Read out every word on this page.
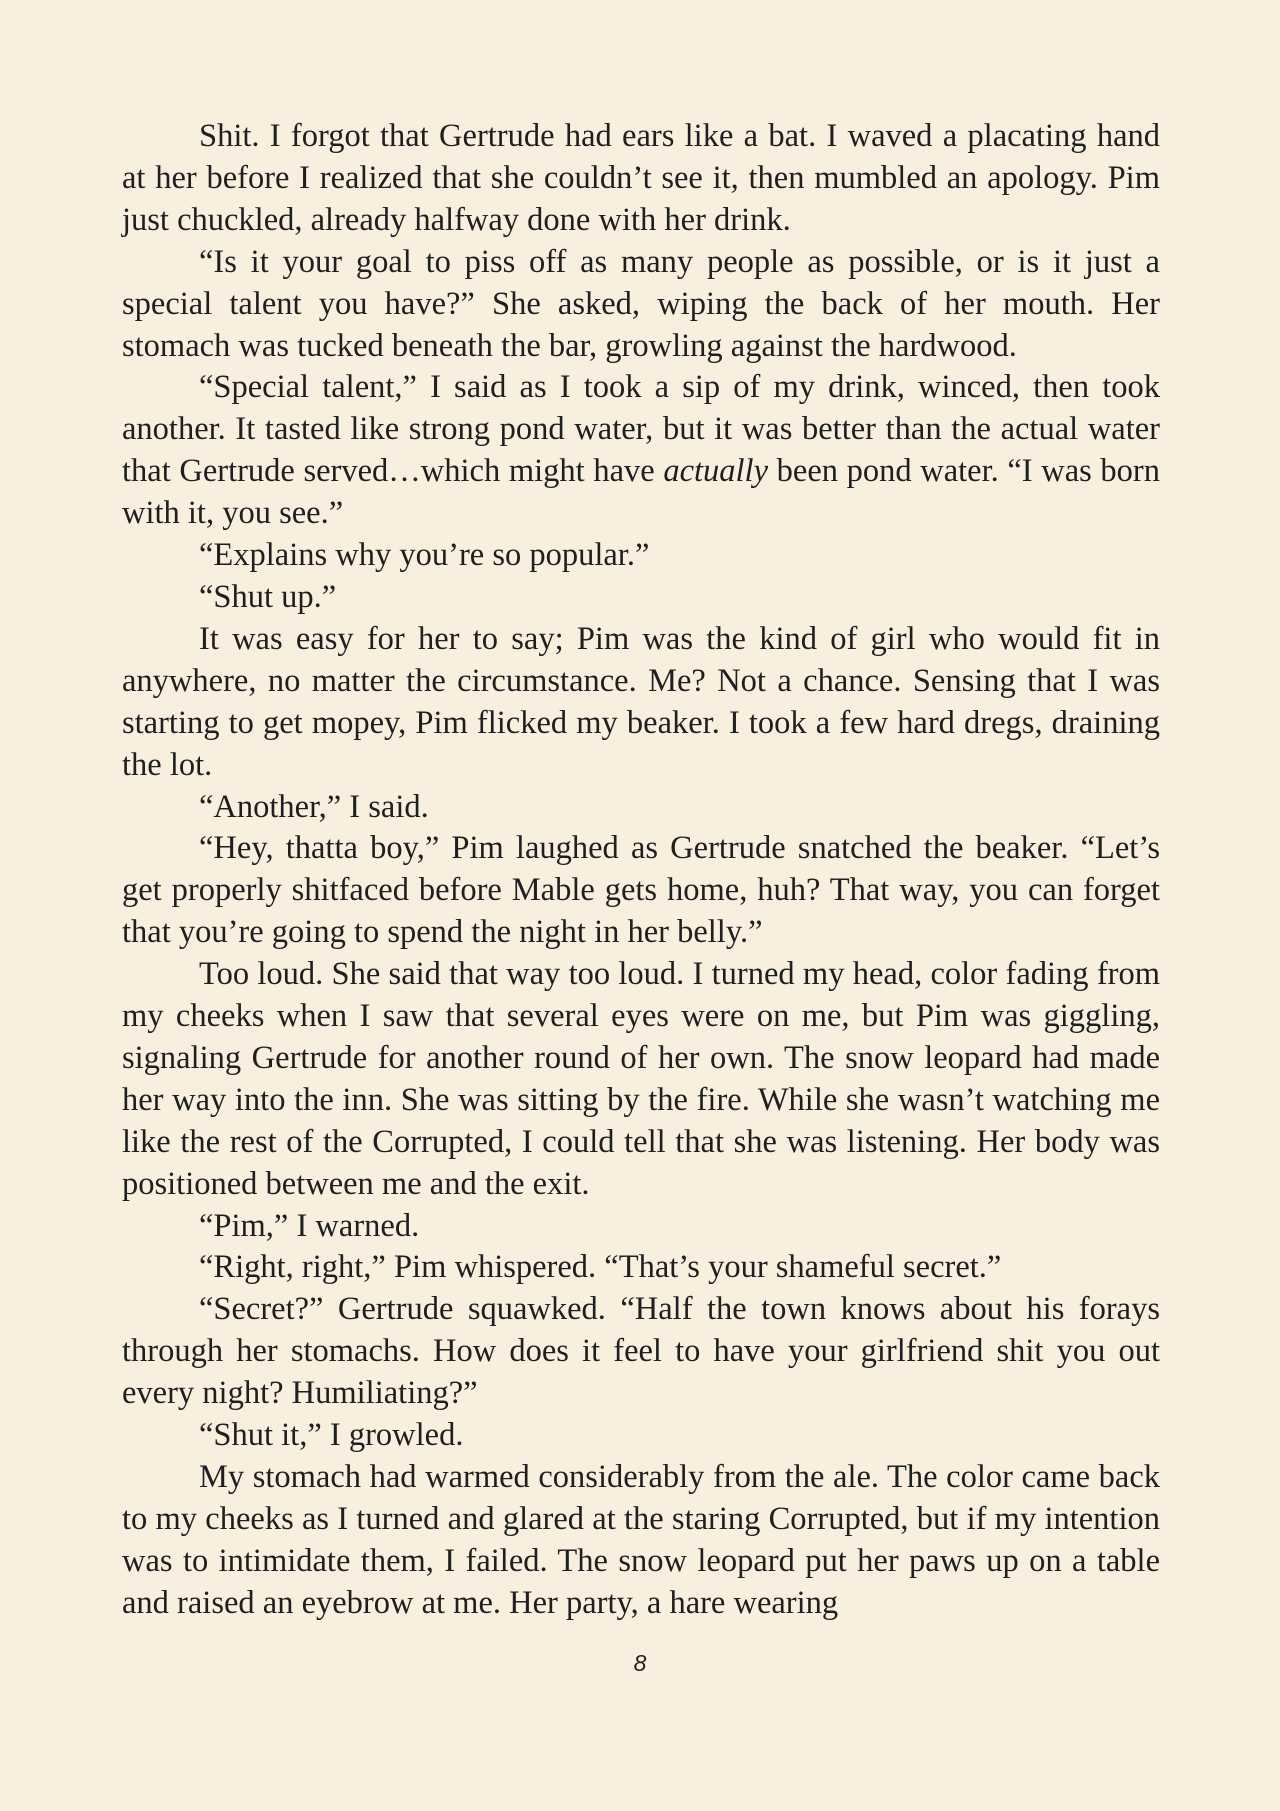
Shit. I forgot that Gertrude had ears like a bat. I waved a placating hand at her before I realized that she couldn’t see it, then mumbled an apology. Pim just chuckled, already halfway done with her drink.

“Is it your goal to piss off as many people as possible, or is it just a special talent you have?” She asked, wiping the back of her mouth. Her stomach was tucked beneath the bar, growling against the hardwood.

“Special talent,” I said as I took a sip of my drink, winced, then took another. It tasted like strong pond water, but it was better than the actual water that Gertrude served…which might have actually been pond water. “I was born with it, you see.”

“Explains why you’re so popular.”

“Shut up.”

It was easy for her to say; Pim was the kind of girl who would fit in anywhere, no matter the circumstance. Me? Not a chance. Sensing that I was starting to get mopey, Pim flicked my beaker. I took a few hard dregs, draining the lot.

“Another,” I said.

“Hey, thatta boy,” Pim laughed as Gertrude snatched the beaker. “Let’s get properly shitfaced before Mable gets home, huh? That way, you can forget that you’re going to spend the night in her belly.”

Too loud. She said that way too loud. I turned my head, color fading from my cheeks when I saw that several eyes were on me, but Pim was giggling, signaling Gertrude for another round of her own. The snow leopard had made her way into the inn. She was sitting by the fire. While she wasn’t watching me like the rest of the Corrupted, I could tell that she was listening. Her body was positioned between me and the exit.

“Pim,” I warned.

“Right, right,” Pim whispered. “That’s your shameful secret.”

“Secret?” Gertrude squawked. “Half the town knows about his forays through her stomachs. How does it feel to have your girlfriend shit you out every night? Humiliating?”

“Shut it,” I growled.

My stomach had warmed considerably from the ale. The color came back to my cheeks as I turned and glared at the staring Corrupted, but if my intention was to intimidate them, I failed. The snow leopard put her paws up on a table and raised an eyebrow at me. Her party, a hare wearing

8
